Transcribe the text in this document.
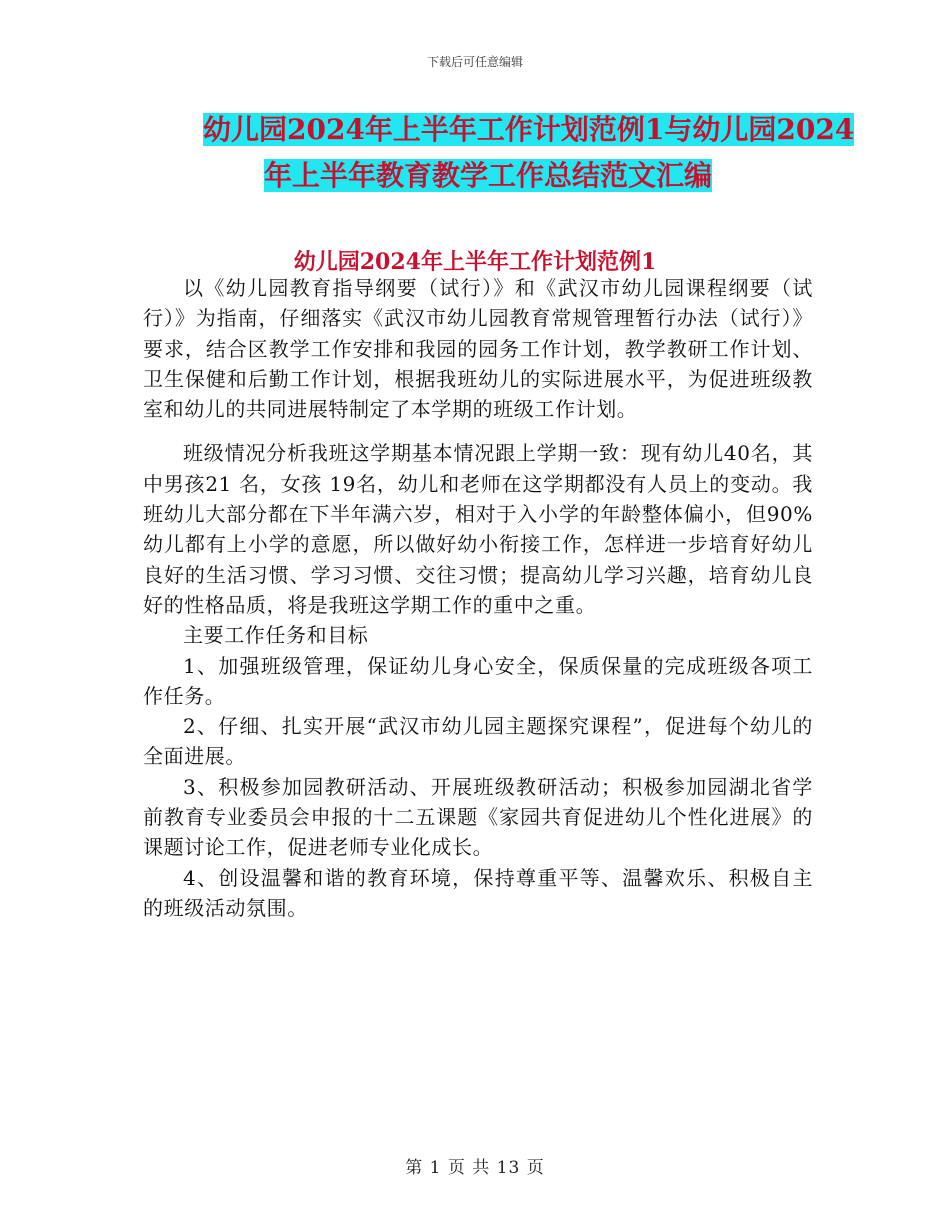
下载后可任意编辑
幼儿园2024年上半年工作计划范例1与幼儿园2024
年上半年教育教学工作总结范文汇编
幼儿园2024年上半年工作计划范例1

以《幼儿园教育指导纲要（试行）》和《武汉市幼儿园课程纲要（试行）》为指南，仔细落实《武汉市幼儿园教育常规管理暂行办法（试行）》要求，结合区教学工作安排和我园的园务工作计划，教学教研工作计划、卫生保健和后勤工作计划，根据我班幼儿的实际进展水平，为促进班级教室和幼儿的共同进展特制定了本学期的班级工作计划。

班级情况分析我班这学期基本情况跟上学期一致：现有幼儿40名，其中男孩21 名，女孩 19名，幼儿和老师在这学期都没有人员上的变动。我班幼儿大部分都在下半年满六岁，相对于入小学的年龄整体偏小，但90%幼儿都有上小学的意愿，所以做好幼小衔接工作，怎样进一步培育好幼儿良好的生活习惯、学习习惯、交往习惯；提高幼儿学习兴趣，培育幼儿良好的性格品质，将是我班这学期工作的重中之重。

主要工作任务和目标

1、加强班级管理，保证幼儿身心安全，保质保量的完成班级各项工作任务。

2、仔细、扎实开展“武汉市幼儿园主题探究课程”，促进每个幼儿的全面进展。

3、积极参加园教研活动、开展班级教研活动；积极参加园湖北省学前教育专业委员会申报的十二五课题《家园共育促进幼儿个性化进展》的课题讨论工作，促进老师专业化成长。

4、创设温馨和谐的教育环境，保持尊重平等、温馨欢乐、积极自主的班级活动氛围。

第 1 页 共 13 页
